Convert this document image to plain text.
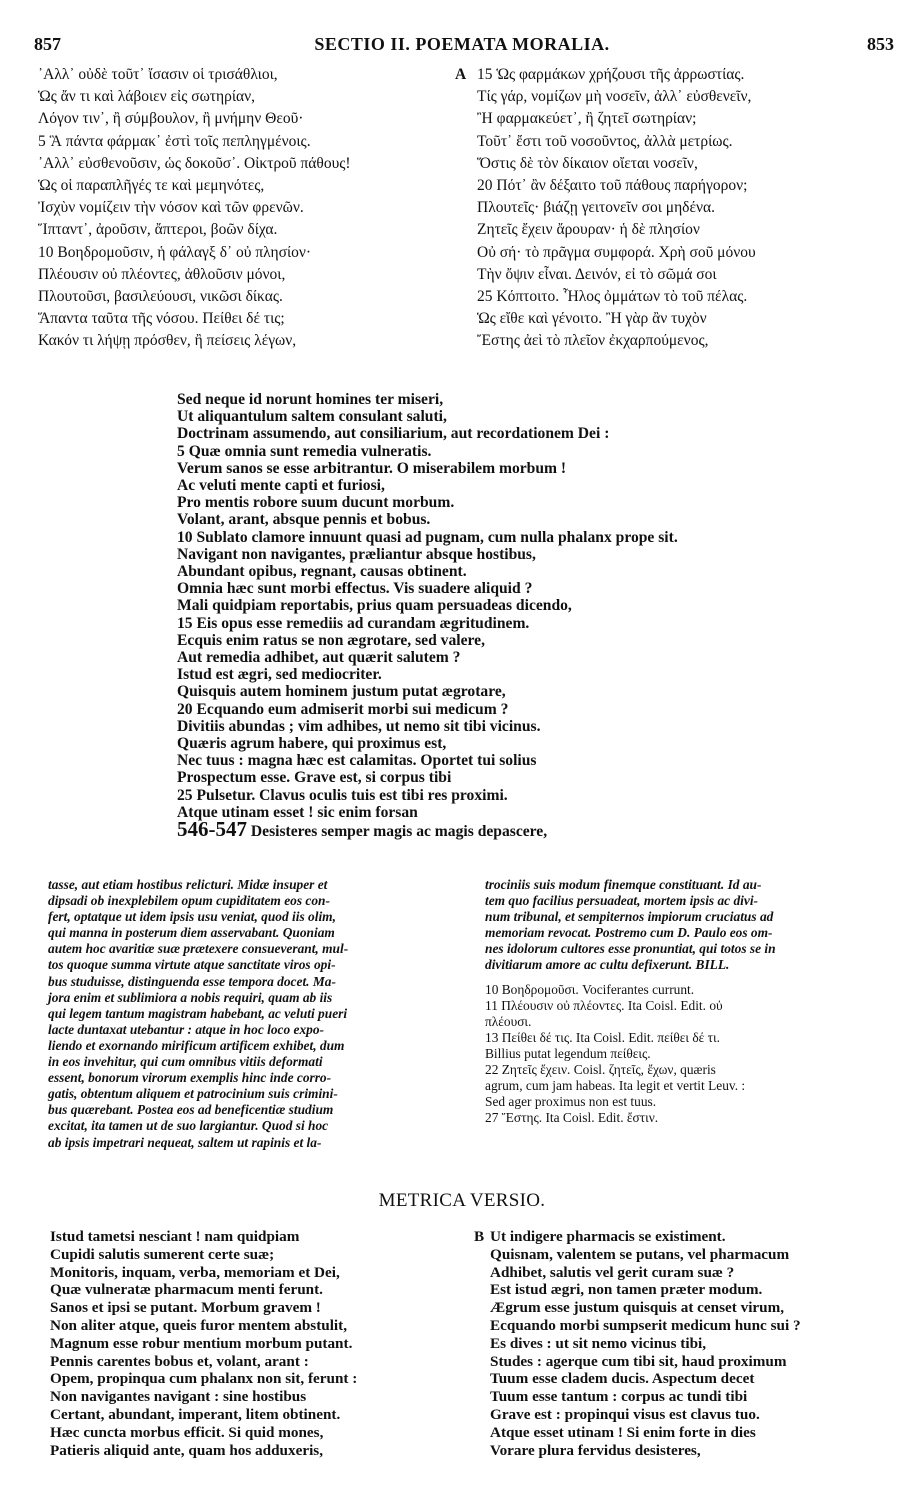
857	SECTIO II. POEMATA MORALIA.	853
᾽Αλλ᾽ οὐδὲ τοῦτ᾽ ἴσασιν οἱ τρισάθλιοι,
Ὡς ἄν τι καὶ λάβοιεν εἰς σωτηρίαν,
Λόγον τιν᾽, ἢ σύμβουλον, ἢ μνήμην Θεοῦ·
5 Ἃ πάντα φάρμακ᾽ ἐστὶ τοῖς πεπληγμένοις.
᾽Αλλ᾽ εὐσθενοῦσιν, ὡς δοκοῦσ᾽. Οἰκτροῦ πάθους!
Ὡς οἱ παραπλῆγές τε καὶ μεμηνότες,
Ἰσχὺν νομίζειν τὴν νόσον καὶ τῶν φρενῶν.
Ἵπταντ᾽, ἀροῦσιν, ἄπτεροι, βοῶν δίχα.
10 Βοηδρομοῦσιν, ἡ φάλαγξ δ᾽ οὐ πλησίον·
Πλέουσιν οὐ πλέοντες, ἀθλοῦσιν μόνοι,
Πλουτοῦσι, βασιλεύουσι, νικῶσι δίκας.
Ἅπαντα ταῦτα τῆς νόσου. Πείθει δέ τις;
Κακόν τι λήψῃ πρόσθεν, ἢ πείσεις λέγων,
A 15 Ὡς φαρμάκων χρήζουσι τῆς ἀρρωστίας.
Τίς γάρ, νομίζων μὴ νοσεῖν, ἀλλ᾽ εὐσθενεῖν,
Ἢ φαρμακεύετ᾽, ἢ ζητεῖ σωτηρίαν;
Τοῦτ᾽ ἔστι τοῦ νοσοῦντος, ἀλλὰ μετρίως.
Ὅστις δὲ τὸν δίκαιον οἴεται νοσεῖν,
20 Πότ᾽ ἂν δέξαιτο τοῦ πάθους παρήγορον;
Πλουτεῖς· βιάζῃ γειτονεῖν σοι μηδένα.
Ζητεῖς ἔχειν ἄρουραν· ἡ δὲ πλησίον
Οὐ σή· τὸ πρᾶγμα συμφορά. Χρὴ σοῦ μόνου
Τὴν ὄψιν εἶναι. Δεινόν, εἰ τὸ σῶμά σοι
25 Κόπτοιτο. Ἧλος ὀμμάτων τὸ τοῦ πέλας.
Ὡς εἴθε καὶ γένοιτο. Ἢ γὰρ ἂν τυχὸν
Ἔστης ἀεὶ τὸ πλεῖον ἐκχαρπούμενος,
Sed neque id norunt homines ter miseri,
Ut aliquantulum saltem consulant saluti,
Doctrinam assumendo, aut consiliarium, aut recordationem Dei :
5 Quæ omnia sunt remedia vulneratis.
Verum sanos se esse arbitrantur. O miserabilem morbum !
Ac veluti mente capti et furiosi,
Pro mentis robore suum ducunt morbum.
Volant, arant, absque pennis et bobus.
10 Sublato clamore innuunt quasi ad pugnam, cum nulla phalanx prope sit.
Navigant non navigantes, præliantur absque hostibus,
Abundant opibus, regnant, causas obtinent.
Omnia hæc sunt morbi effectus. Vis suadere aliquid ?
Mali quidpiam reportabis, prius quam persuadeas dicendo,
15 Eis opus esse remediis ad curandam ægritudinem.
Ecquis enim ratus se non ægrotare, sed valere,
Aut remedia adhibet, aut quærit salutem ?
Istud est ægri, sed mediocriter.
Quisquis autem hominem justum putat ægrotare,
20 Ecquando eum admiserit morbi sui medicum ?
Divitiis abundas ; vim adhibes, ut nemo sit tibi vicinus.
Quæris agrum habere, qui proximus est,
Nec tuus : magna hæc est calamitas. Oportet tui solius
Prospectum esse. Grave est, si corpus tibi
25 Pulsetur. Clavus oculis tuis est tibi res proximi.
Atque utinam esset ! sic enim forsan
546-547 Desisteres semper magis ac magis depascere,
tasse, aut etiam hostibus relicturi. Midæ insuper et
dipsadi ob inexplebilem opum cupiditatem eos con-
fert, optatque ut idem ipsis usu veniat, quod iis olim,
qui manna in posterum diem asservabant. Quoniam
autem hoc avaritiæ suæ prætexere consueverant, mul-
tos quoque summa virtute atque sanctitate viros opi-
bus studuisse, distinguenda esse tempora docet. Ma-
jora enim et sublimiora a nobis requiri, quam ab iis
qui legem tantum magistram habebant, ac veluti pueri
lacte duntaxat utebantur : atque in hoc loco expo-
liendo et exornando mirificum artificem exhibet, dum
in eos invehitur, qui cum omnibus vitiis deformati
essent, bonorum virorum exemplis hinc inde corro-
gatis, obtentum aliquem et patrocinium suis crimini-
bus quærebant. Postea eos ad beneficentiæ studium
excitat, ita tamen ut de suo largiantur. Quod si hoc
ab ipsis impetrari nequeat, saltem ut rapinis et la-
trociniis suis modum finemque constituant. Id au-
tem quo facilius persuadeat, mortem ipsis ac divi-
num tribunal, et sempiternos impiorum cruciatus ad
memoriam revocat. Postremo cum D. Paulo eos om-
nes idolorum cultores esse pronuntiat, qui totos se in
divitiarum amore ac cultu defixerunt. BILL.
10 Βοηδρομοῦσι. Vociferantes currunt.
11 Πλέουσιν οὐ πλέοντες. Ita Coisl. Edit. οὐ
πλέουσι.
13 Πείθει δέ τις. Ita Coisl. Edit. πείθει δέ τι.
Billius putat legendum πείθεις.
22 Ζητεῖς ἔχειν. Coisl. ζητεῖς, ἔχων, quæris
agrum, cum jam habeas. Ita legit et vertit Leuv. :
Sed ager proximus non est tuus.
27 Ἔστης. Ita Coisl. Edit. ἔστιν.
METRICA VERSIO.
Istud tametsi nesciant ! nam quidpiam
Cupidi salutis sumerent certe suæ;
Monitoris, inquam, verba, memoriam et Dei,
Quæ vulneratæ pharmacum menti ferunt.
Sanos et ipsi se putant. Morbum gravem !
Non aliter atque, queis furor mentem abstulit,
Magnum esse robur mentium morbum putant.
Pennis carentes bobus et, volant, arant :
Opem, propinqua cum phalanx non sit, ferunt :
Non navigantes navigant : sine hostibus
Certant, abundant, imperant, litem obtinent.
Hæc cuncta morbus efficit. Si quid mones,
Patieris aliquid ante, quam hos adduxeris,
B Ut indigere pharmacis se existiment.
Quisnam, valentem se putans, vel pharmacum
Adhibet, salutis vel gerit curam suæ ?
Est istud ægri, non tamen præter modum.
Ægrum esse justum quisquis at censet virum,
Ecquando morbi sumpserit medicum hunc sui ?
Es dives : ut sit nemo vicinus tibi,
Studes : agerque cum tibi sit, haud proximum
Tuum esse cladem ducis. Aspectum decet
Tuum esse tantum : corpus ac tundi tibi
Grave est : propinqui visus est clavus tuo.
Atque esset utinam ! Si enim forte in dies
Vorare plura fervidus desisteres,
